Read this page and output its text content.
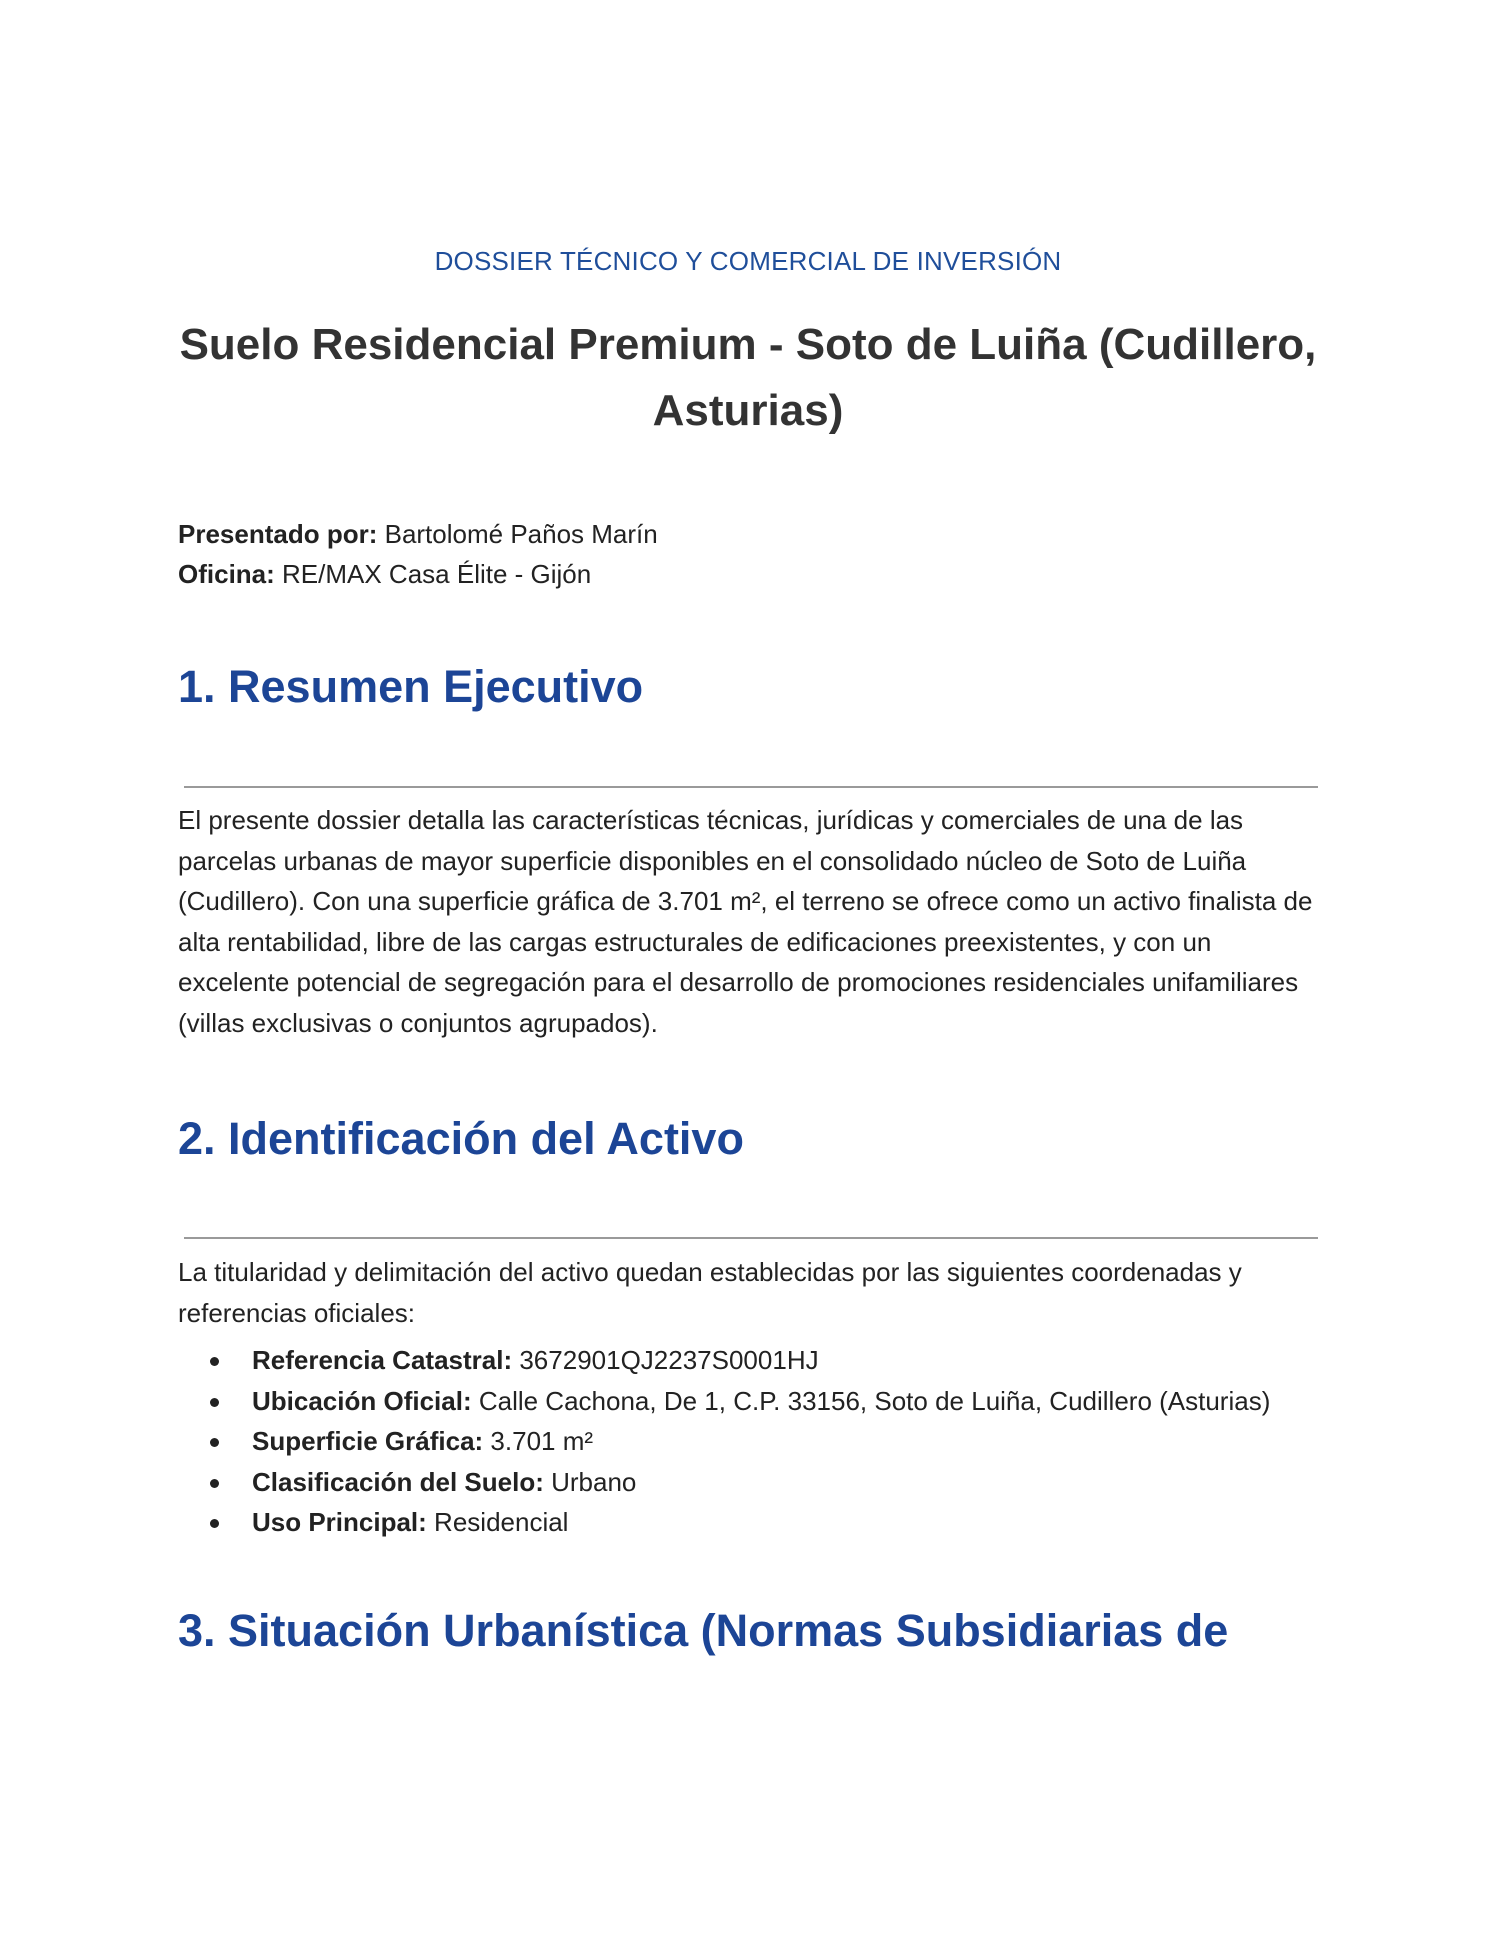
DOSSIER TÉCNICO Y COMERCIAL DE INVERSIÓN
Suelo Residencial Premium - Soto de Luiña (Cudillero, Asturias)
Presentado por: Bartolomé Paños Marín
Oficina: RE/MAX Casa Élite - Gijón
1. Resumen Ejecutivo

El presente dossier detalla las características técnicas, jurídicas y comerciales de una de las parcelas urbanas de mayor superficie disponibles en el consolidado núcleo de Soto de Luiña (Cudillero). Con una superficie gráfica de 3.701 m², el terreno se ofrece como un activo finalista de alta rentabilidad, libre de las cargas estructurales de edificaciones preexistentes, y con un excelente potencial de segregación para el desarrollo de promociones residenciales unifamiliares (villas exclusivas o conjuntos agrupados).

2. Identificación del Activo

La titularidad y delimitación del activo quedan establecidas por las siguientes coordenadas y referencias oficiales:

Referencia Catastral: 3672901QJ2237S0001HJ
Ubicación Oficial: Calle Cachona, De 1, C.P. 33156, Soto de Luiña, Cudillero (Asturias)
Superficie Gráfica: 3.701 m²
Clasificación del Suelo: Urbano
Uso Principal: Residencial
3. Situación Urbanística (Normas Subsidiarias de
